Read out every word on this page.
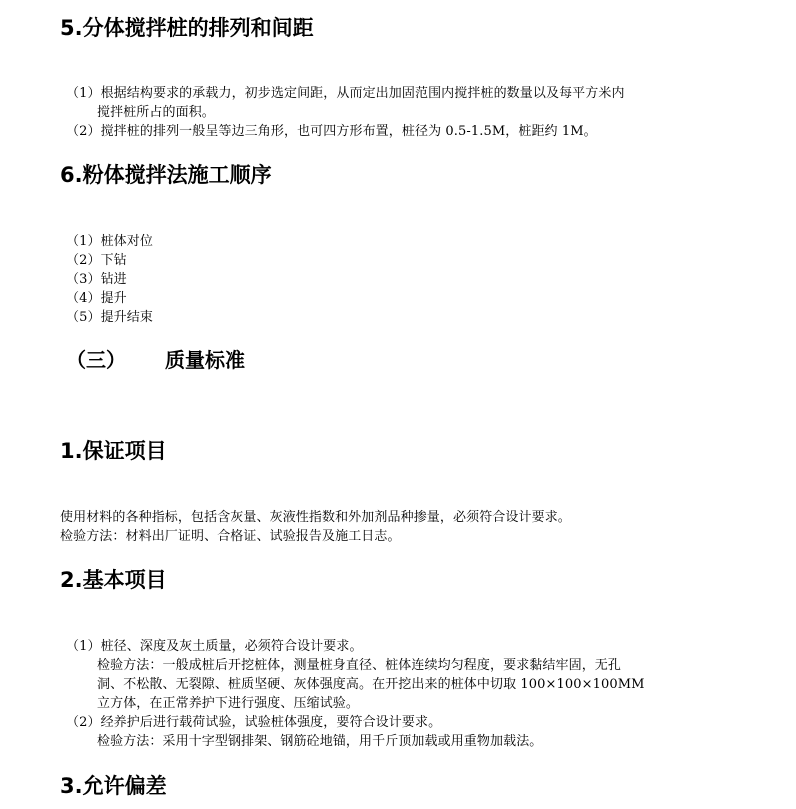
5.分体搅拌桩的排列和间距
（1）根据结构要求的承载力，初步选定间距，从而定出加固范围内搅拌桩的数量以及每平方米内
搅拌桩所占的面积。
（2）搅拌桩的排列一般呈等边三角形，也可四方形布置，桩径为 0.5-1.5M，桩距约 1M。
6.粉体搅拌法施工顺序
（1）桩体对位
（2）下钻
（3）钻进
（4）提升
（5）提升结束
（三） 质量标准
1.保证项目
使用材料的各种指标，包括含灰量、灰液性指数和外加剂品种掺量，必须符合设计要求。
检验方法：材料出厂证明、合格证、试验报告及施工日志。
2.基本项目
（1）桩径、深度及灰土质量，必须符合设计要求。
检验方法：一般成桩后开挖桩体，测量桩身直径、桩体连续均匀程度，要求黏结牢固，无孔
洞、不松散、无裂隙、桩质坚硬、灰体强度高。在开挖出来的桩体中切取 100×100×100MM
立方体，在正常养护下进行强度、压缩试验。
（2）经养护后进行载荷试验，试验桩体强度，要符合设计要求。
检验方法：采用十字型钢排架、钢筋砼地锚，用千斤顶加载或用重物加载法。
3.允许偏差
